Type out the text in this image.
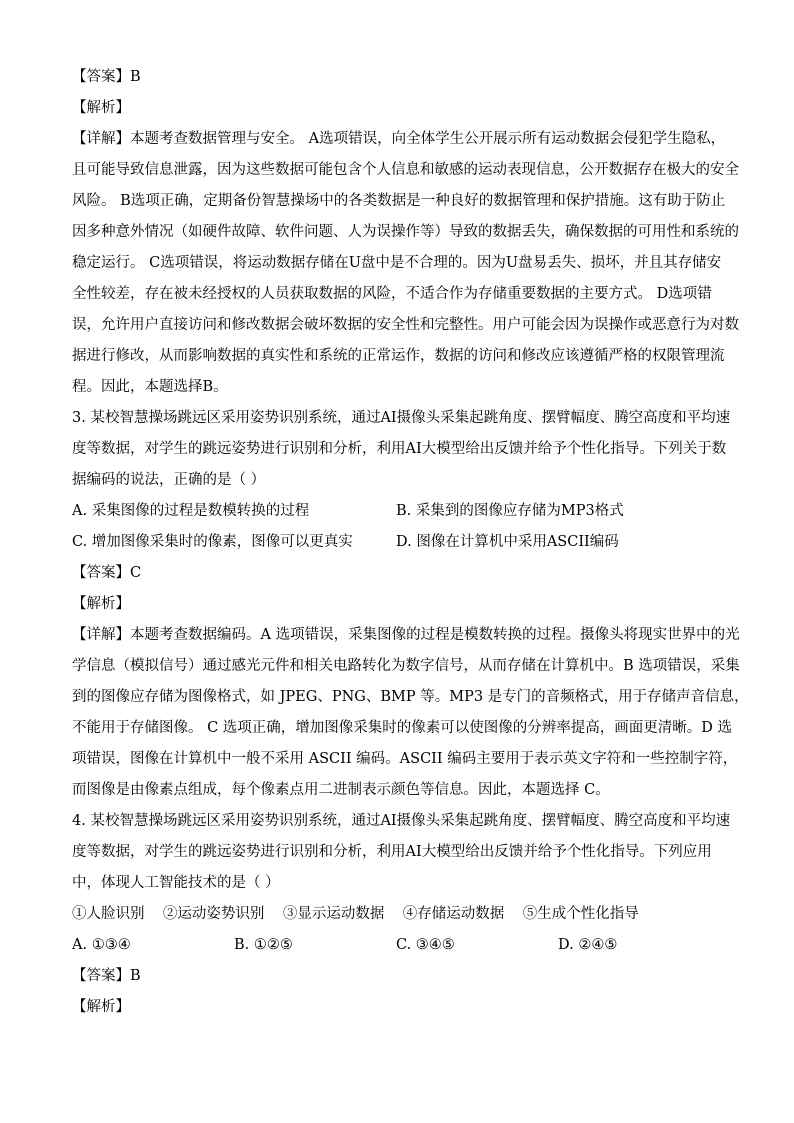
【答案】B
【解析】
【详解】本题考查数据管理与安全。 A选项错误，向全体学生公开展示所有运动数据会侵犯学生隐私，
且可能导致信息泄露，因为这些数据可能包含个人信息和敏感的运动表现信息，公开数据存在极大的安全
风险。 B选项正确，定期备份智慧操场中的各类数据是一种良好的数据管理和保护措施。这有助于防止
因多种意外情况（如硬件故障、软件问题、人为误操作等）导致的数据丢失，确保数据的可用性和系统的
稳定运行。 C选项错误，将运动数据存储在U盘中是不合理的。因为U盘易丢失、损坏，并且其存储安
全性较差，存在被未经授权的人员获取数据的风险，不适合作为存储重要数据的主要方式。 D选项错
误，允许用户直接访问和修改数据会破坏数据的安全性和完整性。用户可能会因为误操作或恶意行为对数
据进行修改，从而影响数据的真实性和系统的正常运作，数据的访问和修改应该遵循严格的权限管理流
程。因此，本题选择B。
3. 某校智慧操场跳远区采用姿势识别系统，通过AI摄像头采集起跳角度、摆臂幅度、腾空高度和平均速
度等数据，对学生的跳远姿势进行识别和分析，利用AI大模型给出反馈并给予个性化指导。下列关于数
据编码的说法，正确的是（ ）
A. 采集图像的过程是数模转换的过程	B. 采集到的图像应存储为MP3格式
C. 增加图像采集时的像素，图像可以更真实	D. 图像在计算机中采用ASCII编码
【答案】C
【解析】
【详解】本题考查数据编码。A 选项错误，采集图像的过程是模数转换的过程。摄像头将现实世界中的光
学信息（模拟信号）通过感光元件和相关电路转化为数字信号，从而存储在计算机中。B 选项错误，采集
到的图像应存储为图像格式，如 JPEG、PNG、BMP 等。MP3 是专门的音频格式，用于存储声音信息，
不能用于存储图像。 C 选项正确，增加图像采集时的像素可以使图像的分辨率提高，画面更清晰。D 选
项错误，图像在计算机中一般不采用 ASCII 编码。ASCII 编码主要用于表示英文字符和一些控制字符，
而图像是由像素点组成，每个像素点用二进制表示颜色等信息。因此，本题选择 C。
4. 某校智慧操场跳远区采用姿势识别系统，通过AI摄像头采集起跳角度、摆臂幅度、腾空高度和平均速
度等数据，对学生的跳远姿势进行识别和分析，利用AI大模型给出反馈并给予个性化指导。下列应用
中，体现人工智能技术的是（ ）
①人脸识别    ②运动姿势识别    ③显示运动数据    ④存储运动数据    ⑤生成个性化指导
A. ①③④	B. ①②⑤	C. ③④⑤	D. ②④⑤
【答案】B
【解析】
